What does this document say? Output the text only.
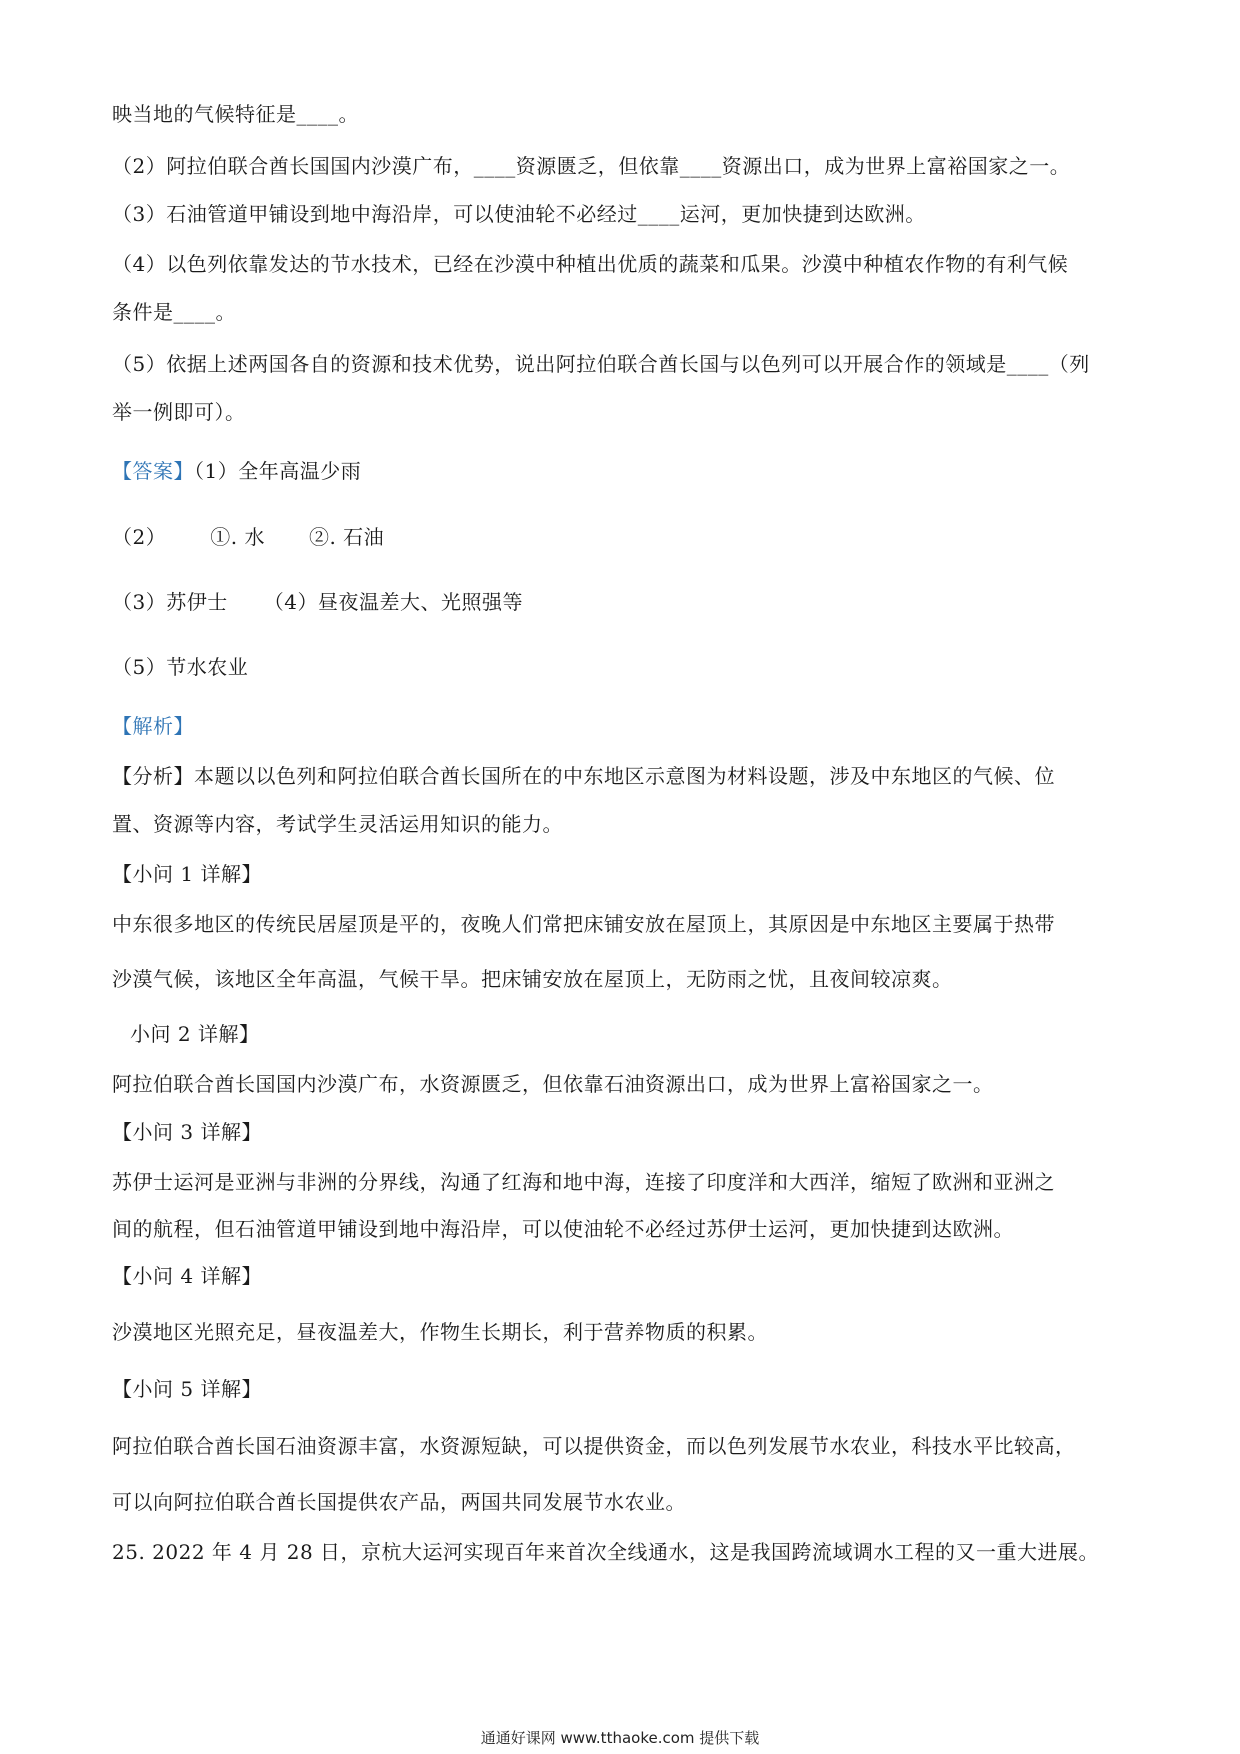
映当地的气候特征是____。
（2）阿拉伯联合酋长国国内沙漠广布，____资源匮乏，但依靠____资源出口，成为世界上富裕国家之一。
（3）石油管道甲铺设到地中海沿岸，可以使油轮不必经过____运河，更加快捷到达欧洲。
（4）以色列依靠发达的节水技术，已经在沙漠中种植出优质的蔬菜和瓜果。沙漠中种植农作物的有利气候
条件是____。
（5）依据上述两国各自的资源和技术优势，说出阿拉伯联合酋长国与以色列可以开展合作的领域是____（列
举一例即可）。
【答案】（1）全年高温少雨
（2） ①. 水 ②. 石油
（3）苏伊士 （4）昼夜温差大、光照强等
（5）节水农业
【解析】
【分析】本题以以色列和阿拉伯联合酋长国所在的中东地区示意图为材料设题，涉及中东地区的气候、位
置、资源等内容，考试学生灵活运用知识的能力。
【小问 1 详解】
中东很多地区的传统民居屋顶是平的，夜晚人们常把床铺安放在屋顶上，其原因是中东地区主要属于热带
沙漠气候，该地区全年高温，气候干旱。把床铺安放在屋顶上，无防雨之忧，且夜间较凉爽。
小问 2 详解】
阿拉伯联合酋长国国内沙漠广布，水资源匮乏，但依靠石油资源出口，成为世界上富裕国家之一。
【小问 3 详解】
苏伊士运河是亚洲与非洲的分界线，沟通了红海和地中海，连接了印度洋和大西洋，缩短了欧洲和亚洲之
间的航程，但石油管道甲铺设到地中海沿岸，可以使油轮不必经过苏伊士运河，更加快捷到达欧洲。
【小问 4 详解】
沙漠地区光照充足，昼夜温差大，作物生长期长，利于营养物质的积累。
【小问 5 详解】
阿拉伯联合酋长国石油资源丰富，水资源短缺，可以提供资金，而以色列发展节水农业，科技水平比较高，
可以向阿拉伯联合酋长国提供农产品，两国共同发展节水农业。
25. 2022 年 4 月 28 日，京杭大运河实现百年来首次全线通水，这是我国跨流域调水工程的又一重大进展。
通通好课网 www.tthaoke.com 提供下载
